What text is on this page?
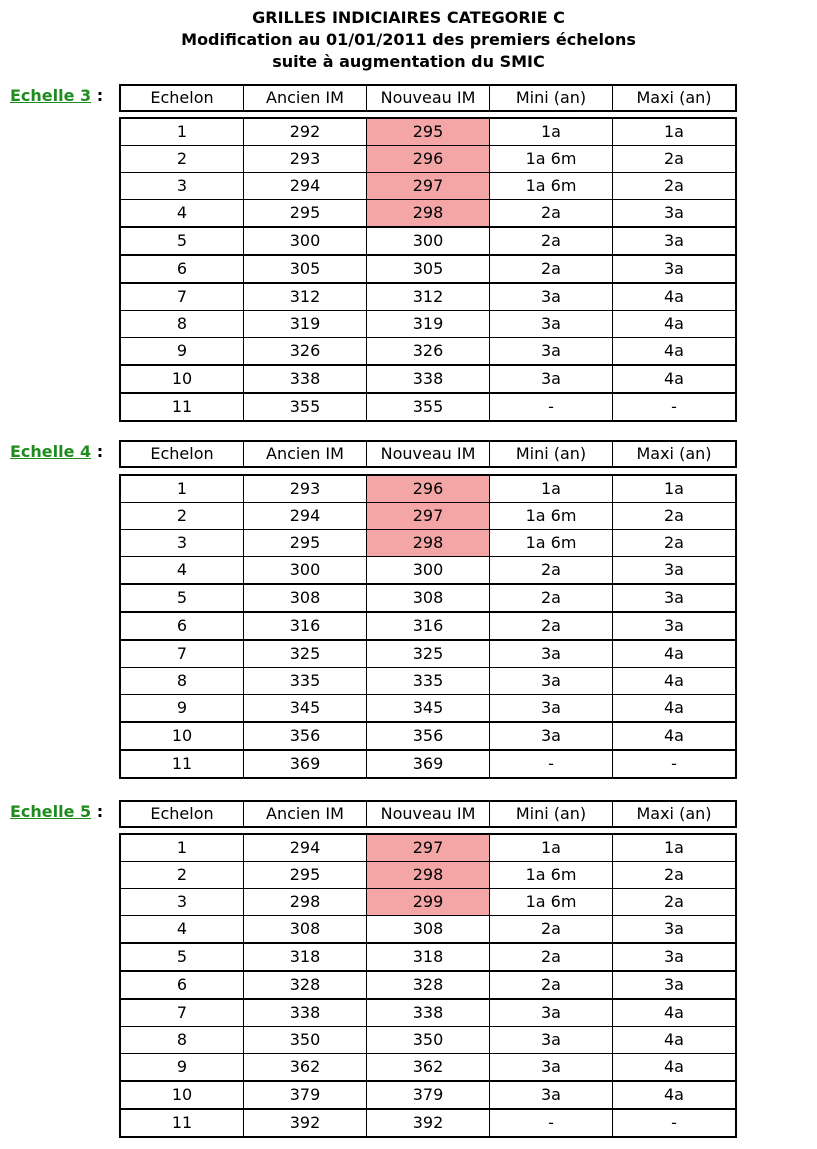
GRILLES INDICIAIRES CATEGORIE C
Modification au 01/01/2011 des premiers échelons
suite à augmentation du SMIC
Echelle 3 :	Echelon	Ancien IM	Nouveau IM	Mini (an)	Maxi (an)
1	292	295	1a	1a
2	293	296	1a 6m	2a
3	294	297	1a 6m	2a
4	295	298	2a	3a
5	300	300	2a	3a
6	305	305	2a	3a
7	312	312	3a	4a
8	319	319	3a	4a
9	326	326	3a	4a
10	338	338	3a	4a
11	355	355	-	-
Echelle 4 :	Echelon	Ancien IM	Nouveau IM	Mini (an)	Maxi (an)
1	293	296	1a	1a
2	294	297	1a 6m	2a
3	295	298	1a 6m	2a
4	300	300	2a	3a
5	308	308	2a	3a
6	316	316	2a	3a
7	325	325	3a	4a
8	335	335	3a	4a
9	345	345	3a	4a
10	356	356	3a	4a
11	369	369	-	-
Echelle 5 :	Echelon	Ancien IM	Nouveau IM	Mini (an)	Maxi (an)
1	294	297	1a	1a
2	295	298	1a 6m	2a
3	298	299	1a 6m	2a
4	308	308	2a	3a
5	318	318	2a	3a
6	328	328	2a	3a
7	338	338	3a	4a
8	350	350	3a	4a
9	362	362	3a	4a
10	379	379	3a	4a
11	392	392	-	-
